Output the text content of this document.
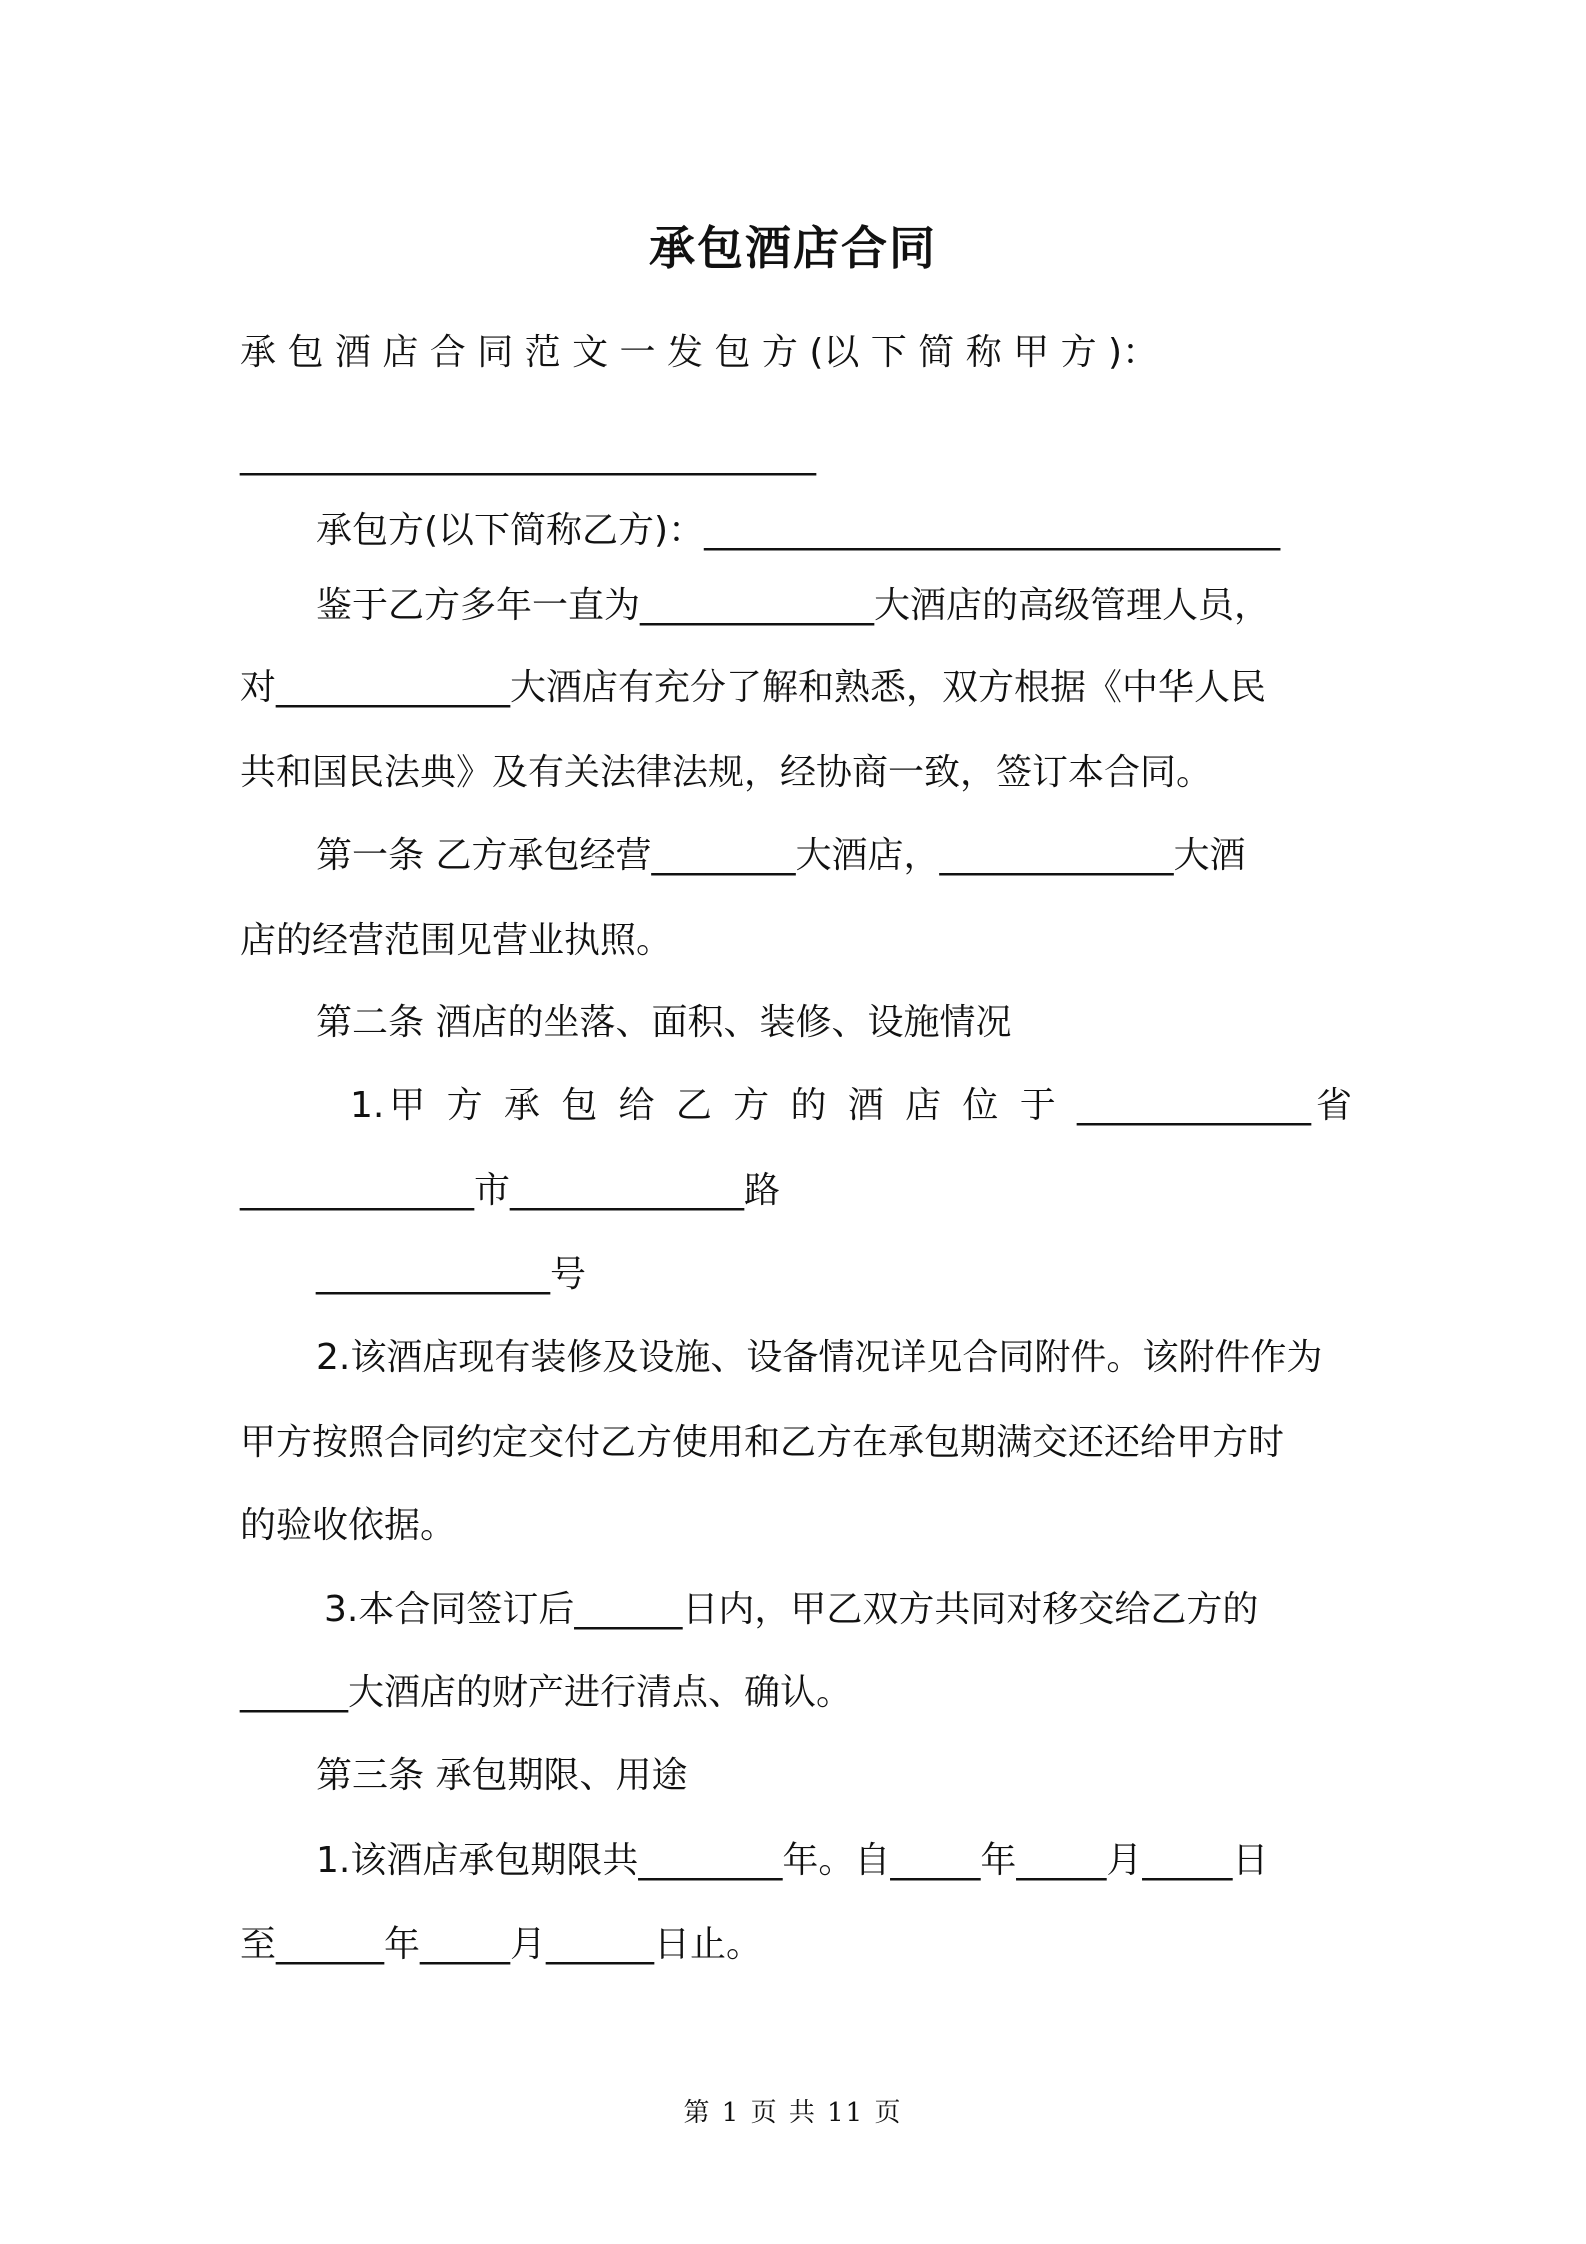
承包酒店合同
承 包 酒 店 合 同 范 文 一 发 包 方 (以 下 简 称 甲 方 )：
________________________________
承包方(以下简称乙方)：________________________________
鉴于乙方多年一直为_____________大酒店的高级管理人员，
对_____________大酒店有充分了解和熟悉，双方根据《中华人民
共和国民法典》及有关法律法规，经协商一致，签订本合同。
第一条 乙方承包经营________大酒店，_____________大酒
店的经营范围见营业执照。
第二条 酒店的坐落、面积、装修、设施情况
1.甲 方 承 包 给 乙 方 的 酒 店 位 于 _____________省
_____________市_____________路
_____________号
2.该酒店现有装修及设施、设备情况详见合同附件。该附件作为
甲方按照合同约定交付乙方使用和乙方在承包期满交还还给甲方时
的验收依据。
3.本合同签订后______日内，甲乙双方共同对移交给乙方的
______大酒店的财产进行清点、确认。
第三条 承包期限、用途
1.该酒店承包期限共________年。自_____年_____月_____日
至______年_____月______日止。
第 1 页 共 11 页
